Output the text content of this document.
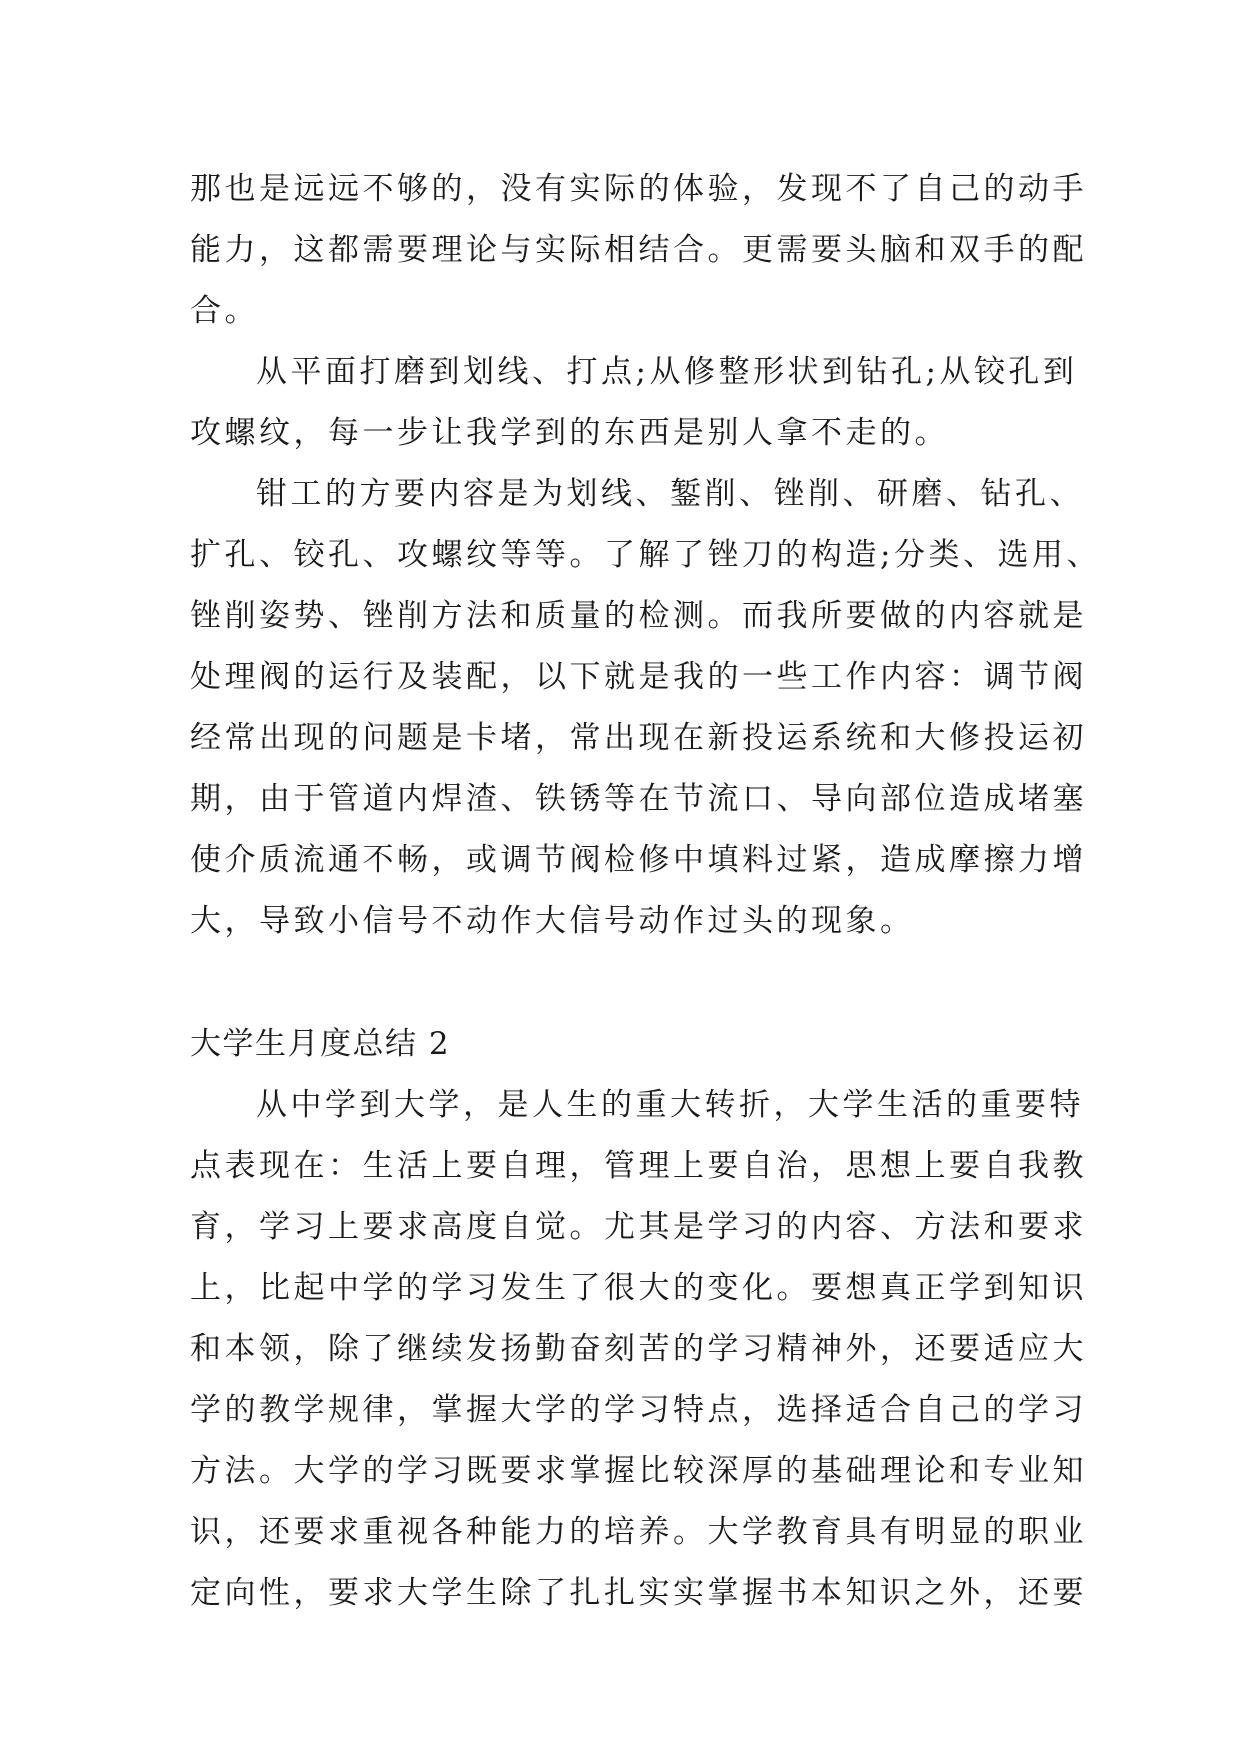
那也是远远不够的，没有实际的体验，发现不了自己的动手
能力，这都需要理论与实际相结合。更需要头脑和双手的配
合。
从平面打磨到划线、打点;从修整形状到钻孔;从铰孔到
攻螺纹，每一步让我学到的东西是别人拿不走的。
钳工的方要内容是为划线、錾削、锉削、研磨、钻孔、
扩孔、铰孔、攻螺纹等等。了解了锉刀的构造;分类、选用、
锉削姿势、锉削方法和质量的检测。而我所要做的内容就是
处理阀的运行及装配，以下就是我的一些工作内容：调节阀
经常出现的问题是卡堵，常出现在新投运系统和大修投运初
期，由于管道内焊渣、铁锈等在节流口、导向部位造成堵塞
使介质流通不畅，或调节阀检修中填料过紧，造成摩擦力增
大，导致小信号不动作大信号动作过头的现象。
大学生月度总结 2
从中学到大学，是人生的重大转折，大学生活的重要特
点表现在：生活上要自理，管理上要自治，思想上要自我教
育，学习上要求高度自觉。尤其是学习的内容、方法和要求
上，比起中学的学习发生了很大的变化。要想真正学到知识
和本领，除了继续发扬勤奋刻苦的学习精神外，还要适应大
学的教学规律，掌握大学的学习特点，选择适合自己的学习
方法。大学的学习既要求掌握比较深厚的基础理论和专业知
识，还要求重视各种能力的培养。大学教育具有明显的职业
定向性，要求大学生除了扎扎实实掌握书本知识之外，还要
